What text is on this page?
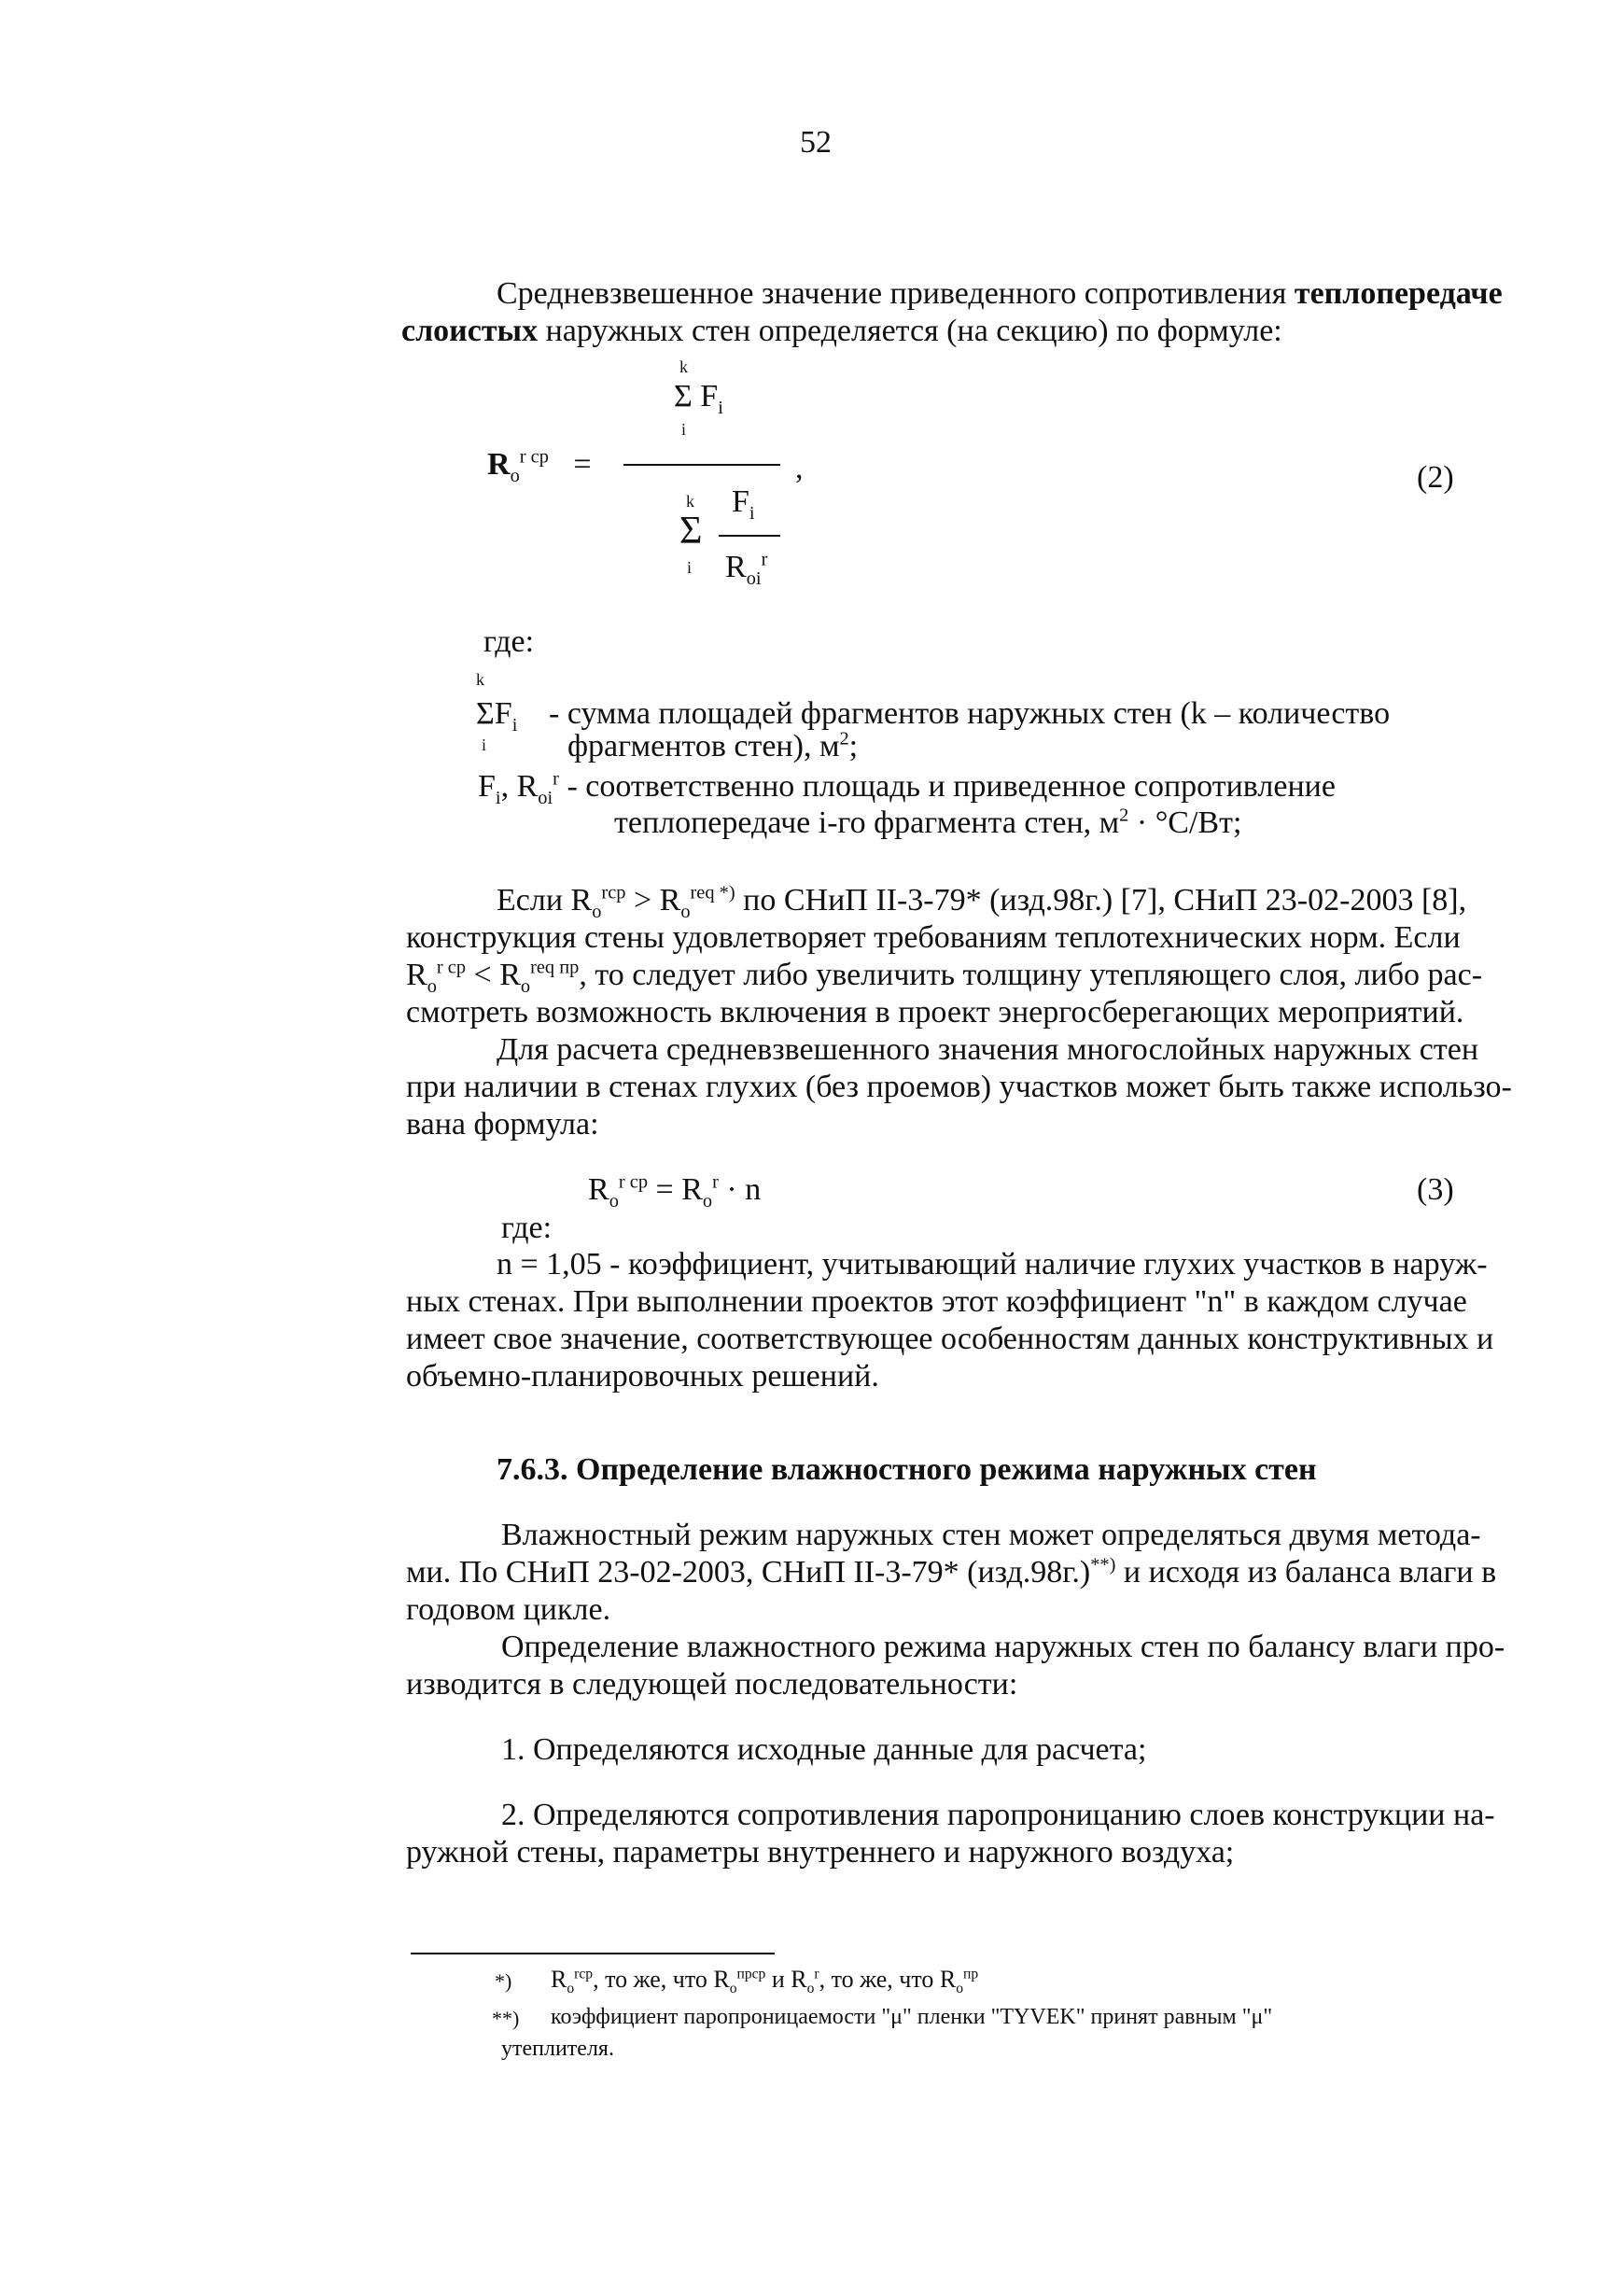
52
Средневзвешенное значение приведенного сопротивления теплопередаче
слоистых наружных стен определяется (на секцию) по формуле:
k
Σ $F_i$
i
$R_o^{r ср}$ =	,	(2)
k $F_i$
Σ
i $R_{oi}^r$
где:
k
$\Sigma F_i$ - сумма площадей фрагментов наружных стен (k – количество
i	фрагментов стен), $м^2$;
$F_i$, $R_{oi}^r$ - соответственно площадь и приведенное сопротивление
теплопередаче i-го фрагмента стен, $м^2 \cdot ^\circ C/Вт$;
Если $R_o^{rср} > R_o^{req *)}$ по СНиП II-3-79* (изд.98г.) [7], СНиП 23-02-2003 [8],
конструкция стены удовлетворяет требованиям теплотехнических норм. Если
$R_o^{r ср} < R_o^{req пр}$, то следует либо увеличить толщину утепляющего слоя, либо рас-
смотреть возможность включения в проект энергосберегающих мероприятий.
Для расчета средневзвешенного значения многослойных наружных стен
при наличии в стенах глухих (без проемов) участков может быть также использо-
вана формула:
$R_o^{r ср} = R_o^r \cdot n$	(3)
где:
n = 1,05 - коэффициент, учитывающий наличие глухих участков в наруж-
ных стенах. При выполнении проектов этот коэффициент "n" в каждом случае
имеет свое значение, соответствующее особенностям данных конструктивных и
объемно-планировочных решений.
7.6.3. Определение влажностного режима наружных стен
Влажностный режим наружных стен может определяться двумя метода-
ми. По СНиП 23-02-2003, СНиП II-3-79* (изд.98г.)**) и исходя из баланса влаги в
годовом цикле.
Определение влажностного режима наружных стен по балансу влаги про-
изводится в следующей последовательности:
1. Определяются исходные данные для расчета;
2. Определяются сопротивления паропроницанию слоев конструкции на-
ружной стены, параметры внутреннего и наружного воздуха;
*) $R_o^{rср}$, то же, что $R_o^{прср}$ и $R_o^r$, то же, что $R_o^{пр}$
**) коэффициент паропроницаемости "μ" пленки "TYVEK" принят равным "μ"
утеплителя.
